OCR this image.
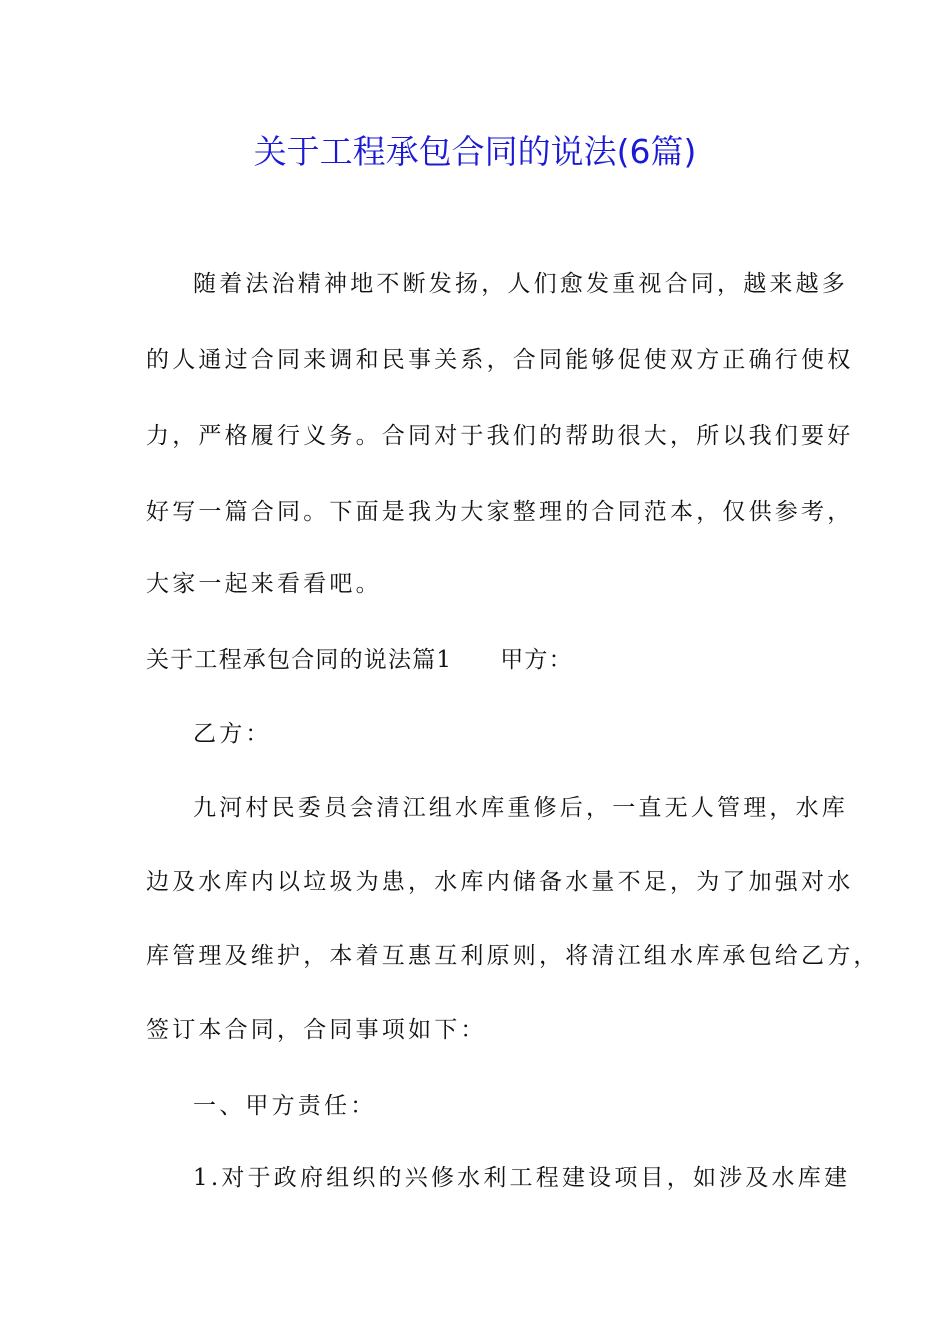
关于工程承包合同的说法(6篇)

随着法治精神地不断发扬，人们愈发重视合同，越来越多

的人通过合同来调和民事关系，合同能够促使双方正确行使权

力，严格履行义务。合同对于我们的帮助很大，所以我们要好

好写一篇合同。下面是我为大家整理的合同范本，仅供参考，

大家一起来看看吧。

关于工程承包合同的说法篇1 甲方：

乙方：

九河村民委员会清江组水库重修后，一直无人管理，水库

边及水库内以垃圾为患，水库内储备水量不足，为了加强对水

库管理及维护，本着互惠互利原则，将清江组水库承包给乙方，

签订本合同，合同事项如下：

一、甲方责任：

1.对于政府组织的兴修水利工程建设项目，如涉及水库建
